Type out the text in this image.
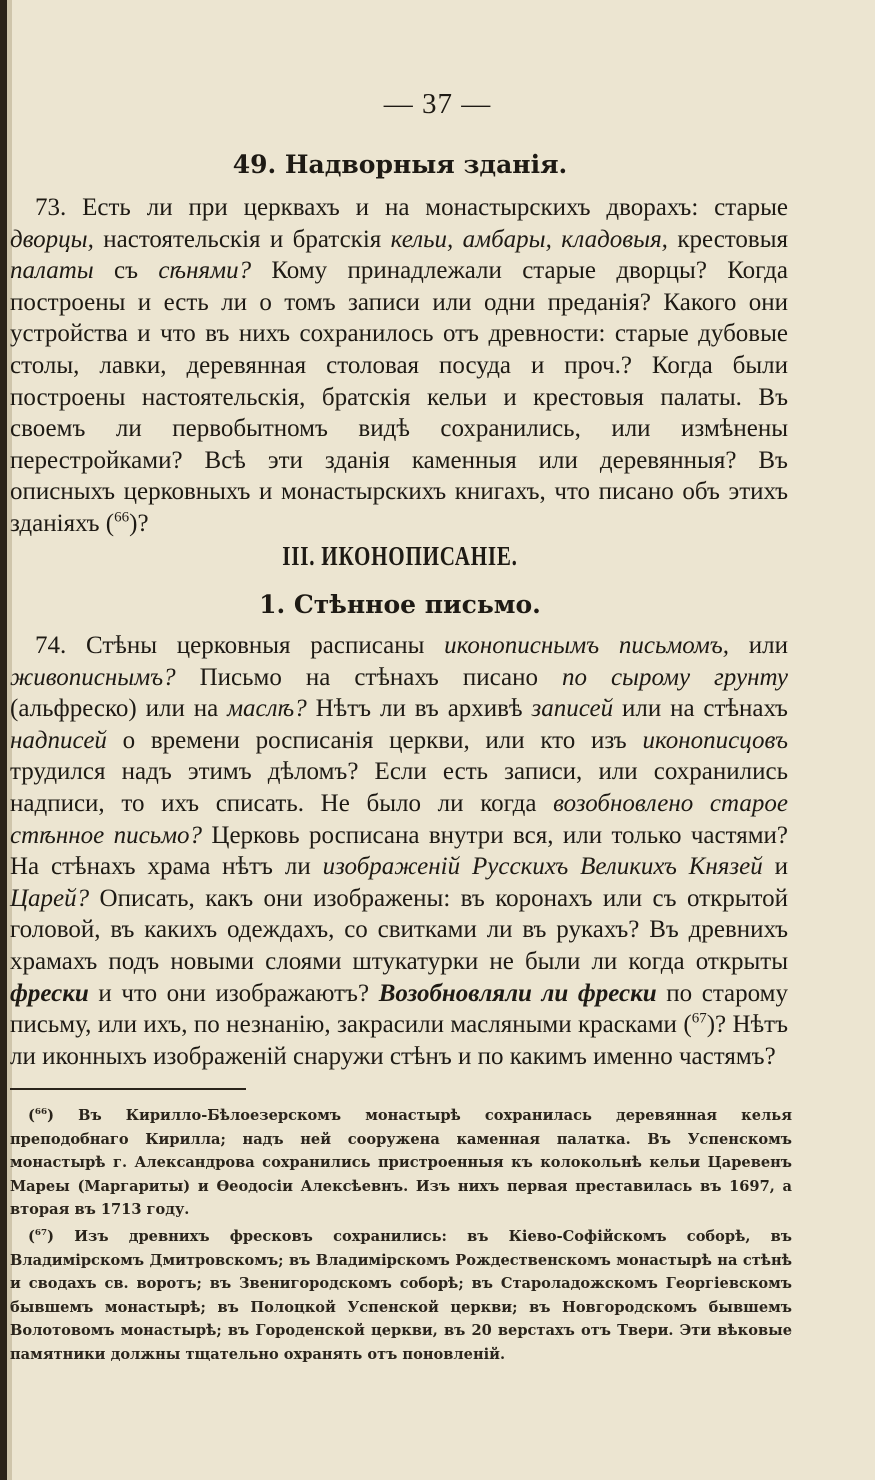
— 37 —
49. Надворныя зданія.
73. Есть ли при церквахъ и на монастырскихъ дворахъ: старые дворцы, настоятельскія и братскія кельи, амбары, кладовыя, крестовыя палаты съ сѣнями? Кому принадлежали старые дворцы? Когда построены и есть ли о томъ записи или одни преданія? Какого они устройства и что въ нихъ сохранилось отъ древности: старые дубовые столы, лавки, деревянная столовая посуда и проч.? Когда были построены настоятельскія, братскія кельи и крестовыя палаты. Въ своемъ ли первобытномъ видѣ сохранились, или измѣнены перестройками? Всѣ эти зданія каменныя или деревянныя? Въ описныхъ церковныхъ и монастырскихъ книгахъ, что писано объ этихъ зданіяхъ ($^{66}$)?
III. ИКОНОПИСАНІЕ.
1. Стѣнное письмо.
74. Стѣны церковныя расписаны иконописнымъ письмомъ, или живописнымъ? Письмо на стѣнахъ писано по сырому грунту (альфреско) или на маслѣ? Нѣтъ ли въ архивѣ записей или на стѣнахъ надписей о времени росписанія церкви, или кто изъ иконописцовъ трудился надъ этимъ дѣломъ? Если есть записи, или сохранились надписи, то ихъ списать. Не было ли когда возобновлено старое стѣнное письмо? Церковь росписана внутри вся, или только частями? На стѣнахъ храма нѣтъ ли изображеній Русскихъ Великихъ Князей и Царей? Описать, какъ они изображены: въ коронахъ или съ открытой головой, въ какихъ одеждахъ, со свитками ли въ рукахъ? Въ древнихъ храмахъ подъ новыми слоями штукатурки не были ли когда открыты фрески и что они изображаютъ? Возобновляли ли фрески по старому письму, или ихъ, по незнанію, закрасили масляными красками ($^{67}$)? Нѣтъ ли иконныхъ изображеній снаружи стѣнъ и по какимъ именно частямъ?
($^{66}$) Въ Кирилло-Бѣлоезерскомъ монастырѣ сохранилась деревянная келья преподобнаго Кирилла; надъ ней сооружена каменная палатка. Въ Успенскомъ монастырѣ г. Александрова сохранились пристроенныя къ колокольнѣ кельи Царевенъ Мареы (Маргариты) и Өеодосіи Алексѣевнъ. Изъ нихъ первая преставилась въ 1697, а вторая въ 1713 году.
($^{67}$) Изъ древнихъ фресковъ сохранились: въ Кіево-Софійскомъ соборѣ, въ Владимірскомъ Дмитровскомъ; въ Владимірскомъ Рождественскомъ монастырѣ на стѣнѣ и сводахъ св. воротъ; въ Звенигородскомъ соборѣ; въ Староладожскомъ Георгіевскомъ бывшемъ монастырѣ; въ Полоцкой Успенской церкви; въ Новгородскомъ бывшемъ Волотовомъ монастырѣ; въ Городенской церкви, въ 20 верстахъ отъ Твери. Эти вѣковые памятники должны тщательно охранять отъ поновленій.
